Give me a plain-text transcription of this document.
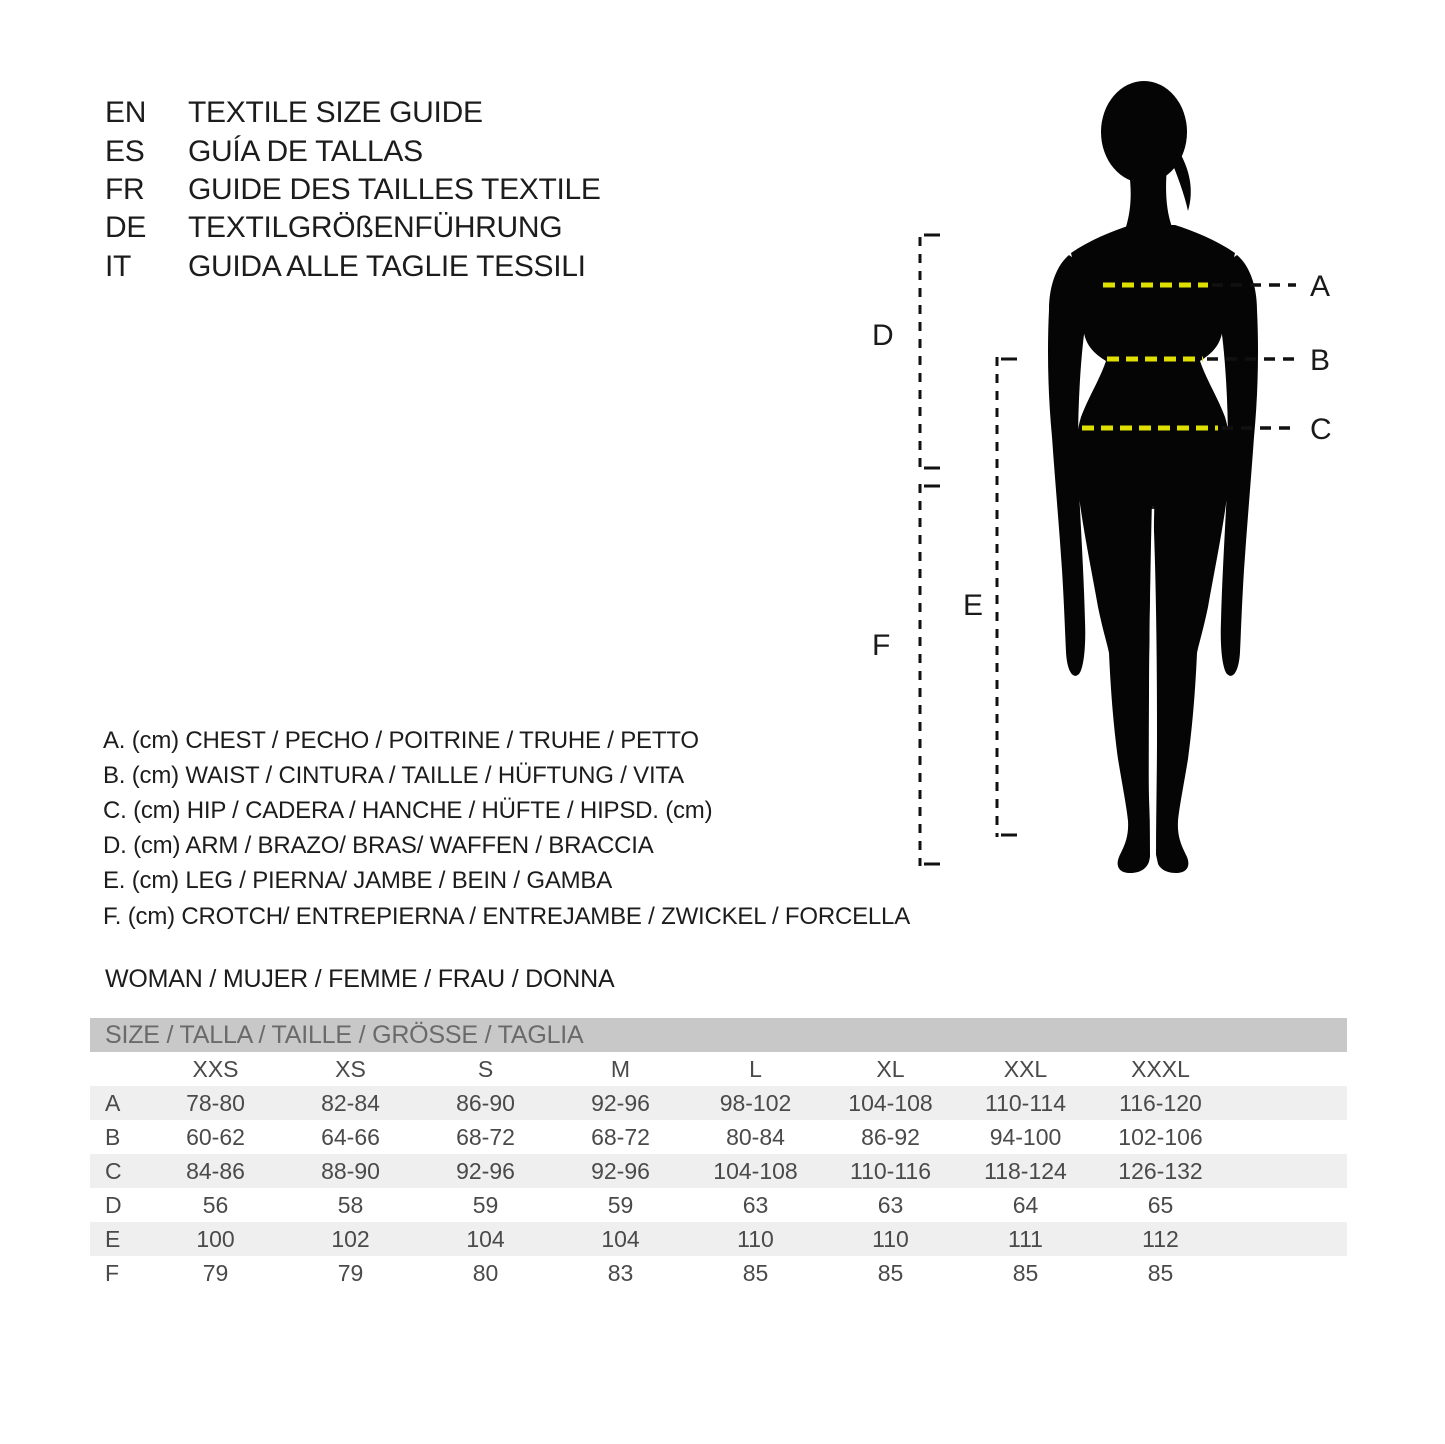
EN	TEXTILE SIZE GUIDE
ES	GUÍA DE TALLAS
FR	GUIDE DES TAILLES TEXTILE
DE	TEXTILGRÖßENFÜHRUNG
IT	GUIDA ALLE TAGLIE TESSILI
A
B
C
D
E
F
A. (cm) CHEST / PECHO / POITRINE / TRUHE / PETTO
B. (cm) WAIST / CINTURA / TAILLE / HÜFTUNG / VITA
C. (cm) HIP / CADERA / HANCHE / HÜFTE / HIPSD. (cm)
D. (cm) ARM / BRAZO/ BRAS/ WAFFEN / BRACCIA
E. (cm) LEG / PIERNA/ JAMBE / BEIN / GAMBA
F. (cm) CROTCH/ ENTREPIERNA / ENTREJAMBE / ZWICKEL / FORCELLA
WOMAN / MUJER / FEMME / FRAU / DONNA
SIZE / TALLA / TAILLE / GRÖSSE / TAGLIA
	XXS	XS	S	M	L	XL	XXL	XXXL	
A	78-80	82-84	86-90	92-96	98-102	104-108	110-114	116-120	
B	60-62	64-66	68-72	68-72	80-84	86-92	94-100	102-106	
C	84-86	88-90	92-96	92-96	104-108	110-116	118-124	126-132	
D	56	58	59	59	63	63	64	65	
E	100	102	104	104	110	110	111	112	
F	79	79	80	83	85	85	85	85	
